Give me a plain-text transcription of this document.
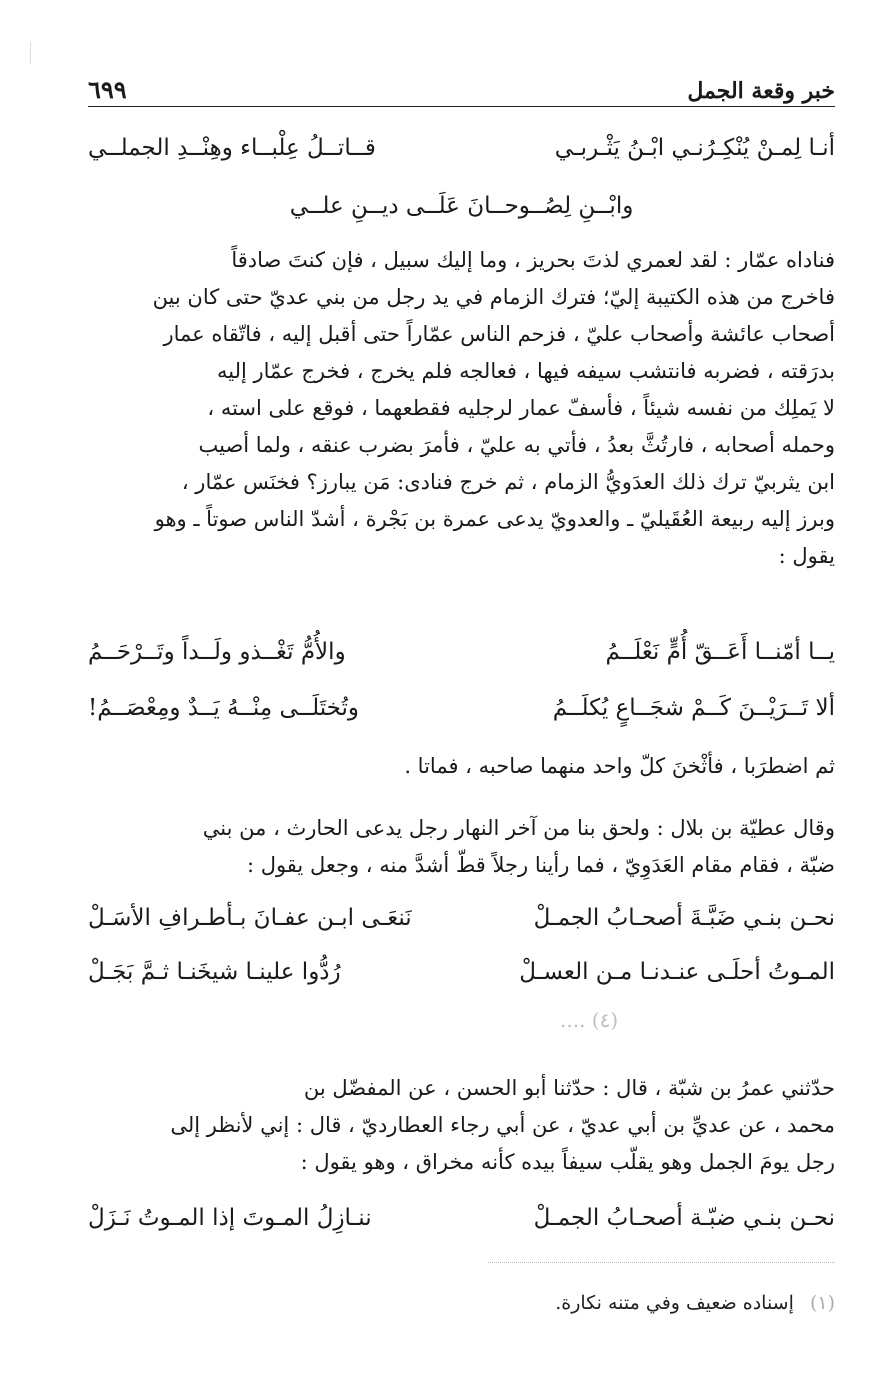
خبر وقعة الجمل
٦٩٩
أنـا لِمـنْ يُنْكِـرُنـي ابْـنُ يَثْـربـي
قــاتــلُ عِلْبــاء وهِنْــدِ الجملــي
وابْــنِ لِصُــوحــانَ عَلَــى ديــنِ علــي
فناداه عمّار : لقد لعمري لذتَ بحريز ، وما إليك سبيل ، فإن كنتَ صادقاً
فاخرج من هذه الكتيبة إليّ؛ فترك الزمام في يد رجل من بني عديّ حتى كان بين
أصحاب عائشة وأصحاب عليّ ، فزحم الناس عمّاراً حتى أقبل إليه ، فاتّقاه عمار
بدرَقته ، فضربه فانتشب سيفه فيها ، فعالجه فلم يخرج ، فخرج عمّار إليه
لا يَملِك من نفسه شيئاً ، فأسفّ عمار لرجليه فقطعهما ، فوقع على استه ،
وحمله أصحابه ، فارتُثَّ بعدُ ، فأتي به عليّ ، فأمرَ بضرب عنقه ، ولما أصيب
ابن يثربيّ ترك ذلك العدَويُّ الزمام ، ثم خرج فنادى: مَن يبارز؟ فخنَس عمّار ،
وبرز إليه ربيعة العُقَيليّ ـ والعدويّ يدعى عمرة بن بَجْرة ، أشدّ الناس صوتاً ـ وهو
يقول :
يــا أمّنــا أَعَــقّ أُمٍّ نَعْلَــمُ
والأُمُّ تَغْــذو ولَــداً وتَــرْحَــمُ
ألا تَــرَيْــنَ كَــمْ شجَــاعٍ يُكلَــمُ
وتُختَلَــى مِنْــهُ يَــدٌ ومِعْصَــمُ!
ثم اضطرَبا ، فأثْخنَ كلّ واحد منهما صاحبه ، فماتا .
وقال عطيّة بن بلال : ولحق بنا من آخر النهار رجل يدعى الحارث ، من بني
ضبّة ، فقام مقام العَدَوِيّ ، فما رأينا رجلاً قطّ أشدَّ منه ، وجعل يقول :
نحـن بنـي ضَبَّـةَ أصحـابُ الجمـلْ
نَنعَـى ابـن عفـانَ بـأطـرافِ الأسَـلْ
المـوتُ أحلَـى عنـدنـا مـن العسـلْ
رُدُّوا علينـا شيخَنـا ثـمَّ بَجَـلْ
(٤) ....
حدّثني عمرُ بن شبّة ، قال : حدّثنا أبو الحسن ، عن المفضّل بن
محمد ، عن عديِّ بن أبي عديّ ، عن أبي رجاء العطارديّ ، قال : إني لأنظر إلى
رجل يومَ الجمل وهو يقلّب سيفاً بيده كأنه مخراق ، وهو يقول :
نحـن بنـي ضبّـة أصحـابُ الجمـلْ
ننـازِلُ المـوتَ إذا المـوتُ نَـزَلْ
(١) إسناده ضعيف وفي متنه نكارة.
